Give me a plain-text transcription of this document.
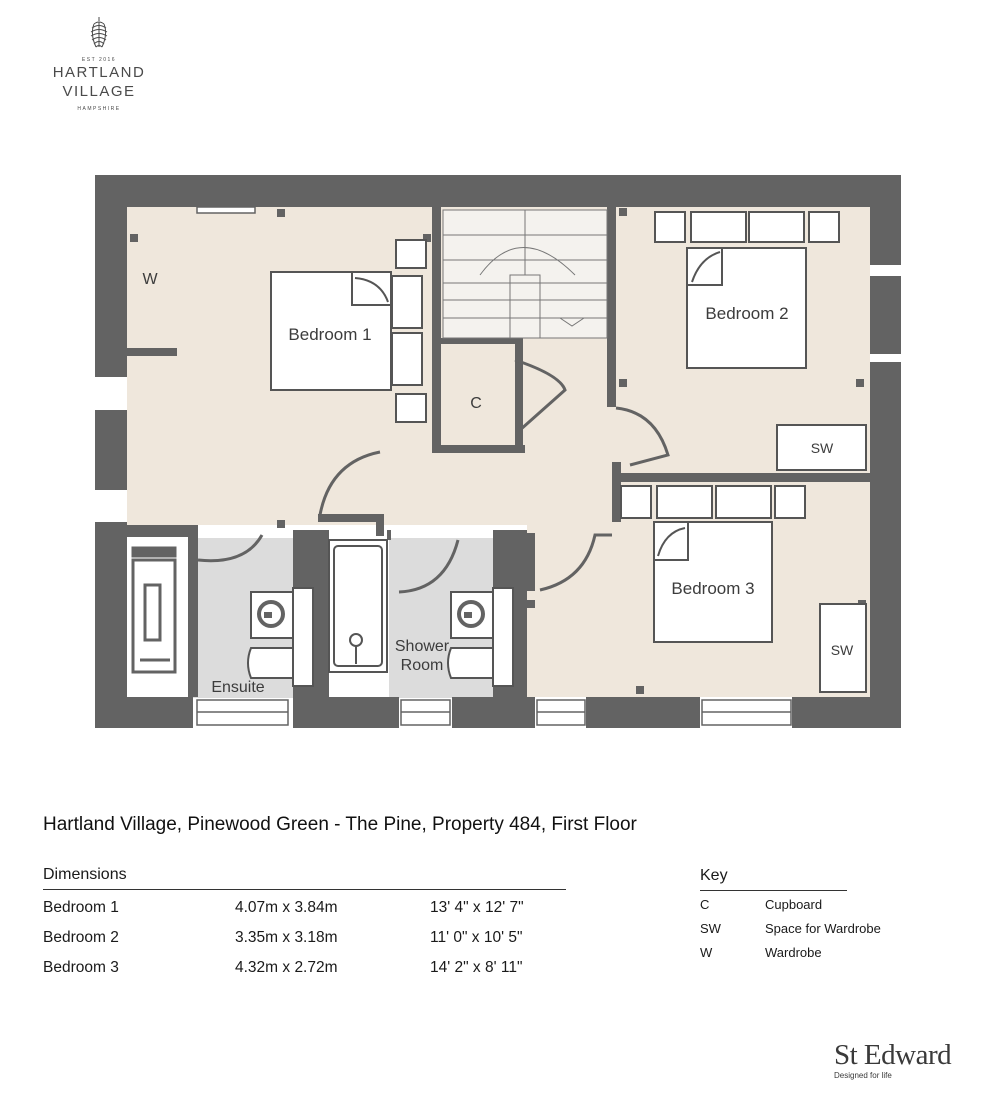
EST 2016
HARTLAND
VILLAGE
HAMPSHIRE
Bedroom 1
Bedroom 2
Bedroom 3
Ensuite
Shower
Room
C
W
SW
SW
Hartland Village, Pinewood Green - The Pine, Property 484, First Floor
Dimensions
Bedroom 1	4.07m x 3.84m	13' 4" x 12' 7"
Bedroom 2	3.35m x 3.18m	11' 0" x 10' 5"
Bedroom 3	4.32m x 2.72m	14' 2" x 8' 11"
Key
C	Cupboard
SW	Space for Wardrobe
W	Wardrobe
St Edward
Designed for life
